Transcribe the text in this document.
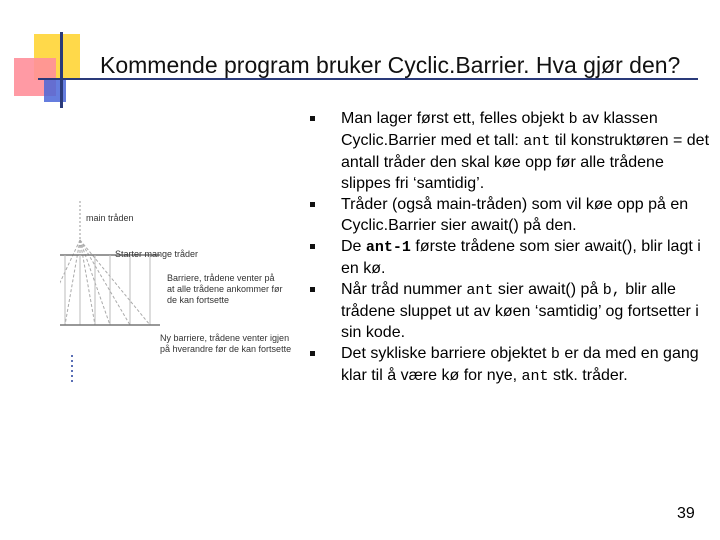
Kommende program bruker Cyclic.Barrier. Hva gjør den?
main tråden
Starter mange tråder
Barriere, trådene venter på
at alle trådene ankommer før
de kan fortsette
Ny barriere, trådene venter igjen
på hverandre før de kan fortsette
Man lager først ett, felles objekt b av klassen Cyclic.Barrier med et tall: ant til konstruktøren = det antall tråder den skal køe opp før alle trådene slippes fri ‘samtidig’.
Tråder (også main-tråden) som vil køe opp på en Cyclic.Barrier sier await() på den.
De ant-1 første trådene som sier await(), blir lagt i en kø.
Når tråd nummer ant sier await() på b, blir alle trådene sluppet ut av køen ‘samtidig’ og fortsetter i sin kode.
Det sykliske barriere objektet b er da med en gang klar til å være kø for nye, ant stk. tråder.
39
